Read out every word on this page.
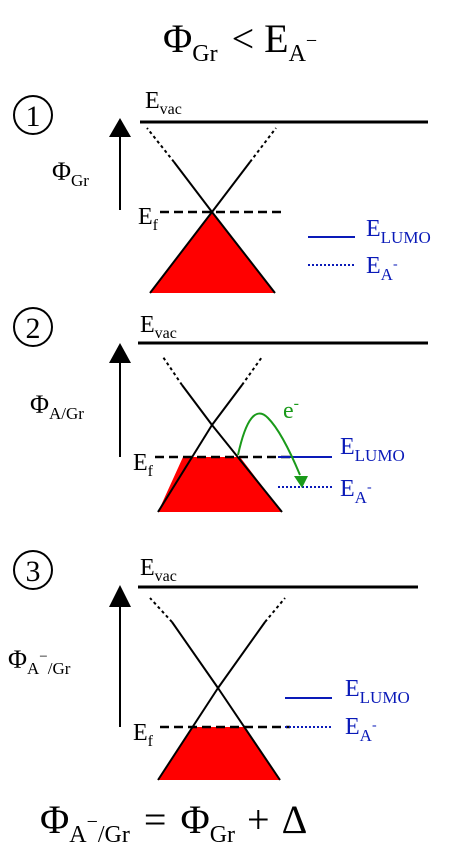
$\Phi_{Gr} < E_A^-$
1	$E_{vac}$
$\Phi_{Gr}$
$E_f$	$E_{LUMO}$
$E_A^-$
2	$E_{vac}$
$\Phi_{A/Gr}$
$E_f$
$E_{LUMO}$
$E_A^-$
e-
3	$E_{vac}$
$\Phi_A^-_{/Gr}$
$E_f$
$E_{LUMO}$
$E_A^-$
$\Phi_A^-_{/Gr} = \Phi_{Gr} + \Delta$
